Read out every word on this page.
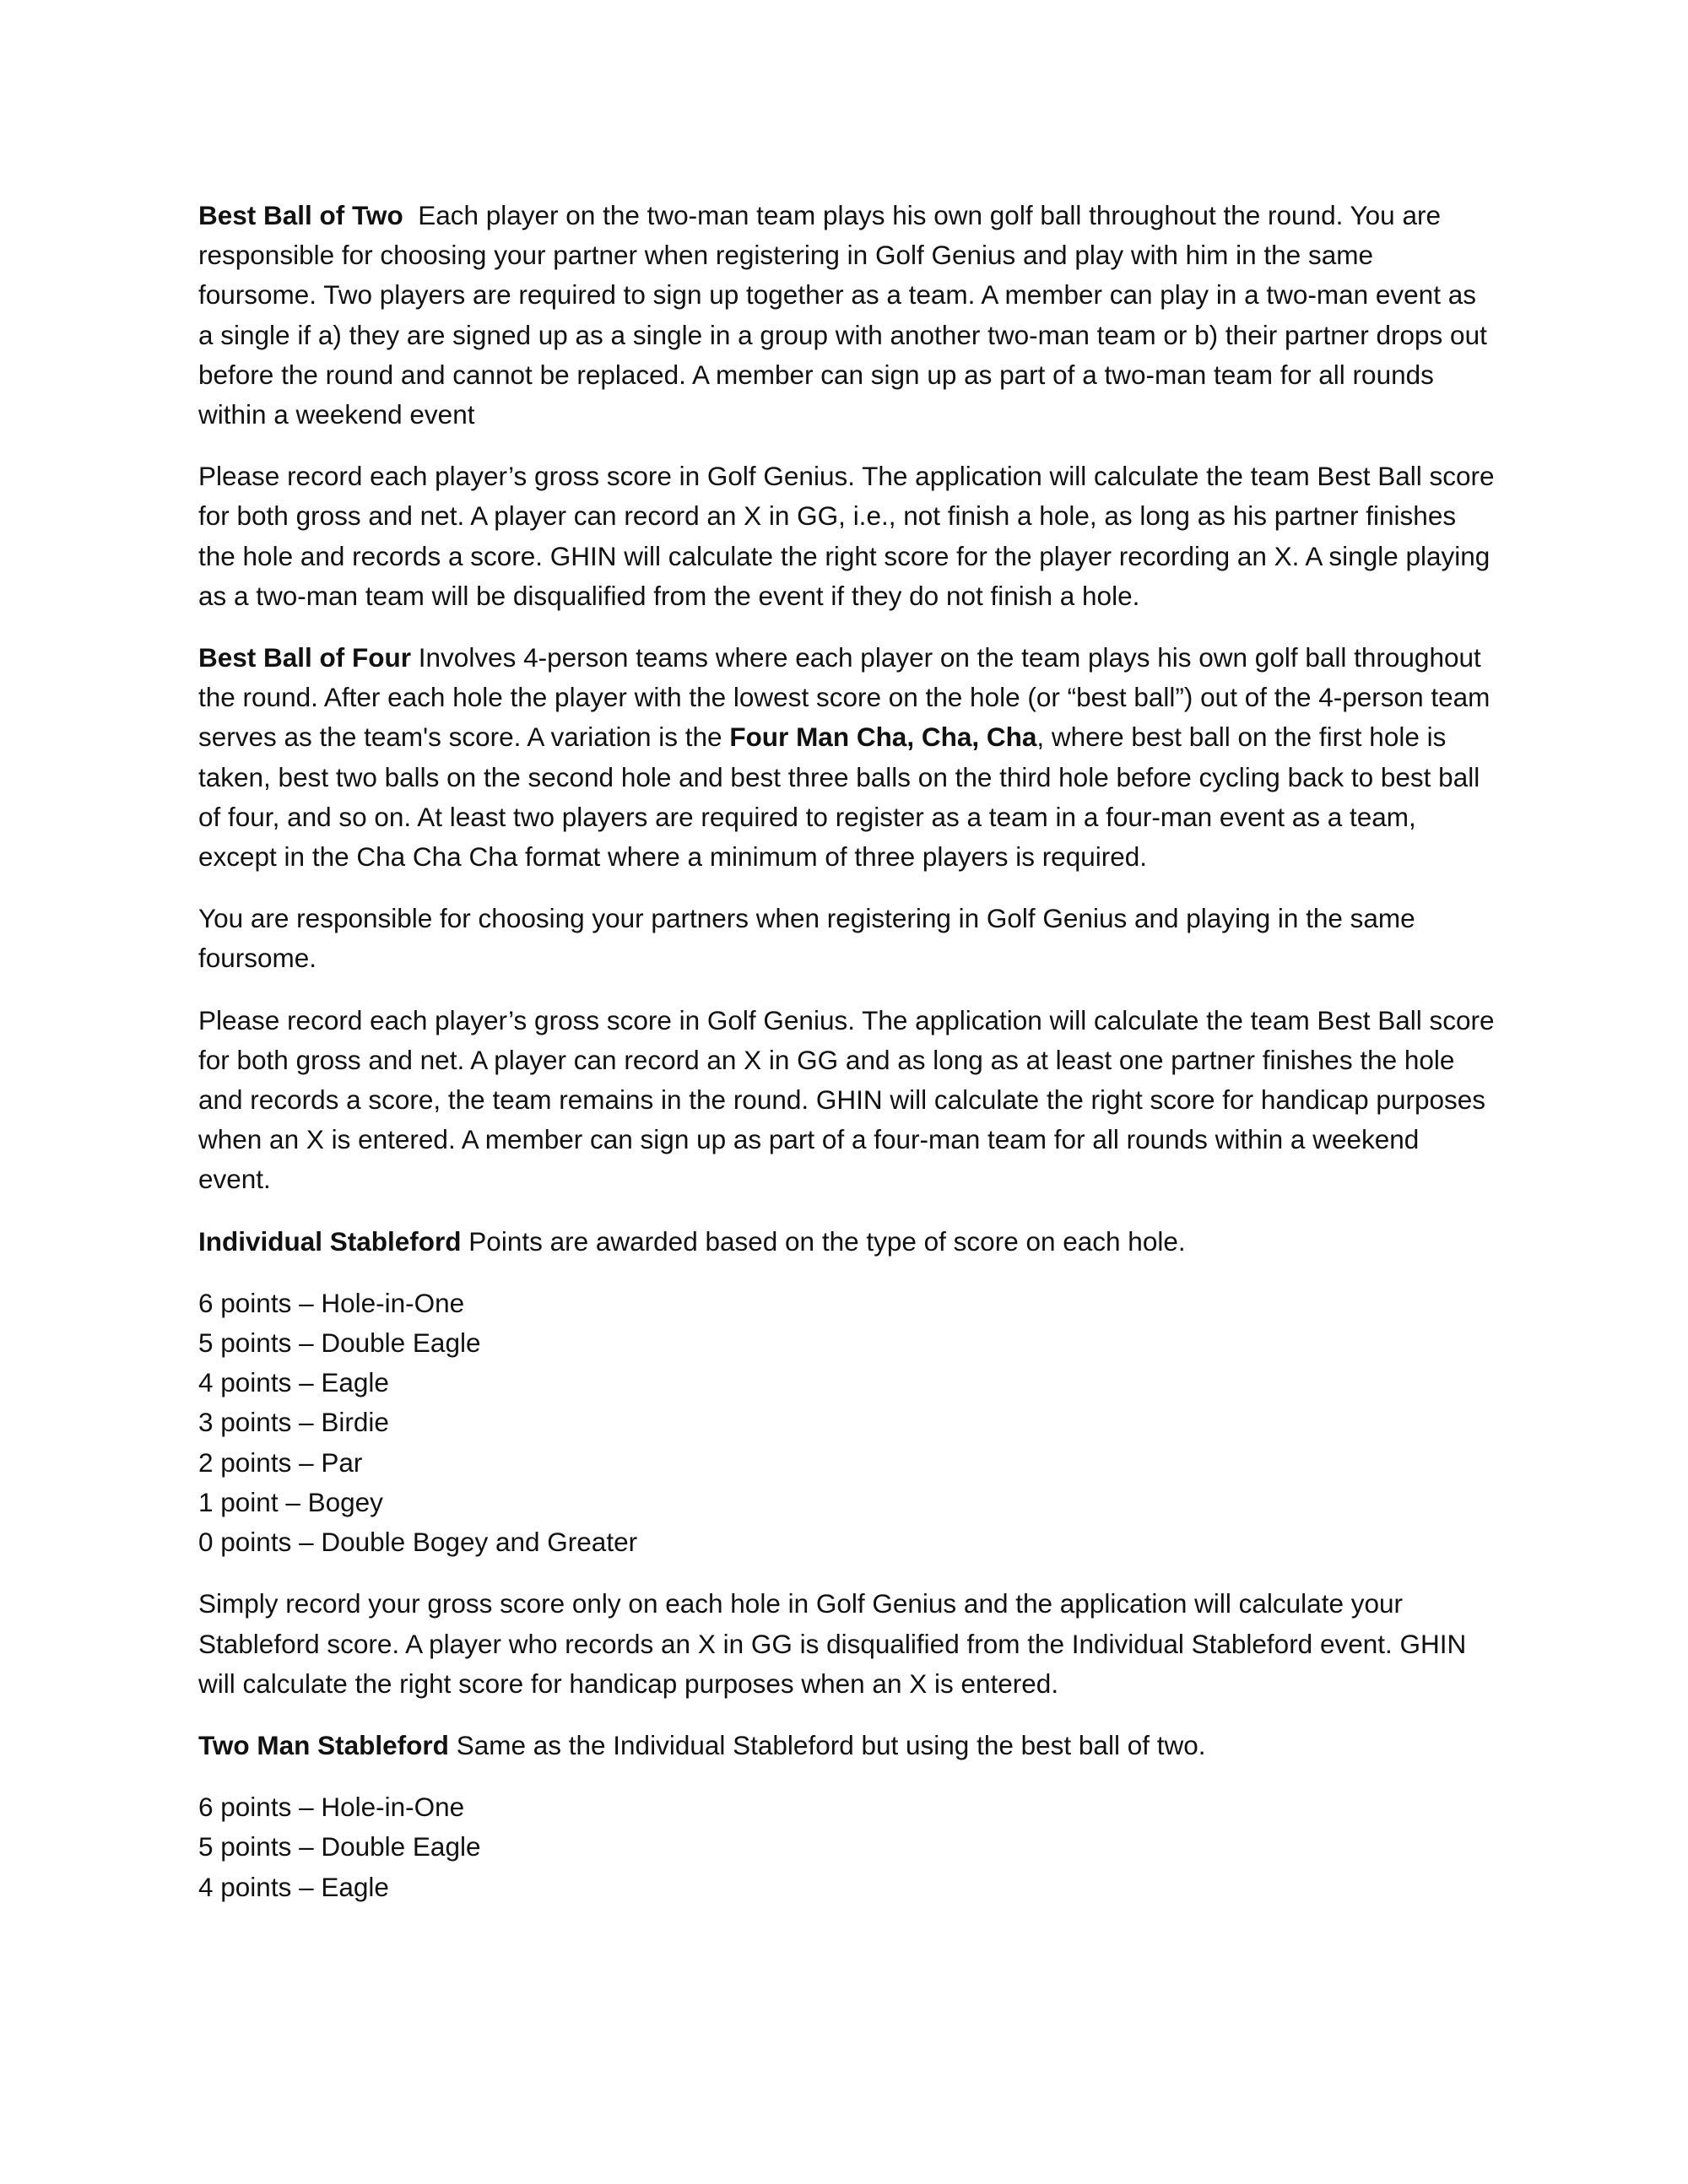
Best Ball of Two Each player on the two-man team plays his own golf ball throughout the round. You are responsible for choosing your partner when registering in Golf Genius and play with him in the same foursome. Two players are required to sign up together as a team. A member can play in a two-man event as a single if a) they are signed up as a single in a group with another two-man team or b) their partner drops out before the round and cannot be replaced. A member can sign up as part of a two-man team for all rounds within a weekend event

Please record each player’s gross score in Golf Genius. The application will calculate the team Best Ball score for both gross and net. A player can record an X in GG, i.e., not finish a hole, as long as his partner finishes the hole and records a score. GHIN will calculate the right score for the player recording an X. A single playing as a two-man team will be disqualified from the event if they do not finish a hole.

Best Ball of Four Involves 4-person teams where each player on the team plays his own golf ball throughout the round. After each hole the player with the lowest score on the hole (or “best ball”) out of the 4-person team serves as the team's score. A variation is the Four Man Cha, Cha, Cha, where best ball on the first hole is taken, best two balls on the second hole and best three balls on the third hole before cycling back to best ball of four, and so on. At least two players are required to register as a team in a four-man event as a team, except in the Cha Cha Cha format where a minimum of three players is required.

You are responsible for choosing your partners when registering in Golf Genius and playing in the same foursome.

Please record each player’s gross score in Golf Genius. The application will calculate the team Best Ball score for both gross and net. A player can record an X in GG and as long as at least one partner finishes the hole and records a score, the team remains in the round. GHIN will calculate the right score for handicap purposes when an X is entered. A member can sign up as part of a four-man team for all rounds within a weekend event.

Individual Stableford Points are awarded based on the type of score on each hole.

6 points – Hole-in-One
5 points – Double Eagle
4 points – Eagle
3 points – Birdie
2 points – Par
1 point – Bogey
0 points – Double Bogey and Greater

Simply record your gross score only on each hole in Golf Genius and the application will calculate your Stableford score. A player who records an X in GG is disqualified from the Individual Stableford event. GHIN will calculate the right score for handicap purposes when an X is entered.

Two Man Stableford Same as the Individual Stableford but using the best ball of two.

6 points – Hole-in-One
5 points – Double Eagle
4 points – Eagle
